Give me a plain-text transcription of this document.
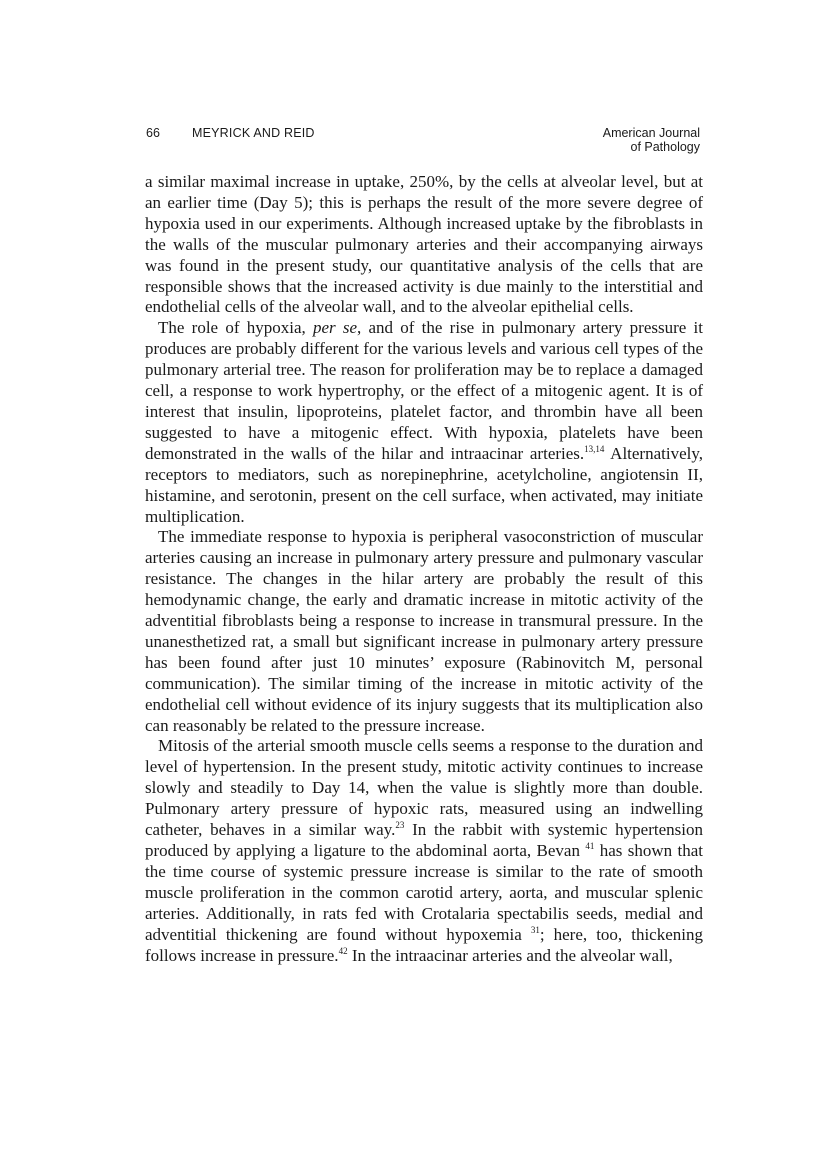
66	MEYRICK AND REID	American Journal
of Pathology

a similar maximal increase in uptake, 250%, by the cells at alveolar level, but at an earlier time (Day 5); this is perhaps the result of the more severe degree of hypoxia used in our experiments. Although increased uptake by the fibroblasts in the walls of the muscular pulmonary arteries and their accompanying airways was found in the present study, our quantitative analysis of the cells that are responsible shows that the increased activity is due mainly to the interstitial and endothelial cells of the alveolar wall, and to the alveolar epithelial cells.

The role of hypoxia, per se, and of the rise in pulmonary artery pressure it produces are probably different for the various levels and various cell types of the pulmonary arterial tree. The reason for proliferation may be to replace a damaged cell, a response to work hypertrophy, or the effect of a mitogenic agent. It is of interest that insulin, lipoproteins, platelet factor, and thrombin have all been suggested to have a mitogenic effect. With hypoxia, platelets have been demonstrated in the walls of the hilar and intraacinar arteries.$^{13,14}$ Alternatively, receptors to mediators, such as norepinephrine, acetylcholine, angiotensin II, histamine, and serotonin, present on the cell surface, when activated, may initiate multiplication.

The immediate response to hypoxia is peripheral vasoconstriction of muscular arteries causing an increase in pulmonary artery pressure and pulmonary vascular resistance. The changes in the hilar artery are probably the result of this hemodynamic change, the early and dramatic increase in mitotic activity of the adventitial fibroblasts being a response to increase in transmural pressure. In the unanesthetized rat, a small but significant increase in pulmonary artery pressure has been found after just 10 minutes’ exposure (Rabinovitch M, personal communication). The similar timing of the increase in mitotic activity of the endothelial cell without evidence of its injury suggests that its multiplication also can reasonably be related to the pressure increase.

Mitosis of the arterial smooth muscle cells seems a response to the duration and level of hypertension. In the present study, mitotic activity continues to increase slowly and steadily to Day 14, when the value is slightly more than double. Pulmonary artery pressure of hypoxic rats, measured using an indwelling catheter, behaves in a similar way.$^{23}$ In the rabbit with systemic hypertension produced by applying a ligature to the abdominal aorta, Bevan $^{41}$ has shown that the time course of systemic pressure increase is similar to the rate of smooth muscle proliferation in the common carotid artery, aorta, and muscular splenic arteries. Additionally, in rats fed with Crotalaria spectabilis seeds, medial and adventitial thickening are found without hypoxemia $^{31}$; here, too, thickening follows increase in pressure.$^{42}$ In the intraacinar arteries and the alveolar wall,
